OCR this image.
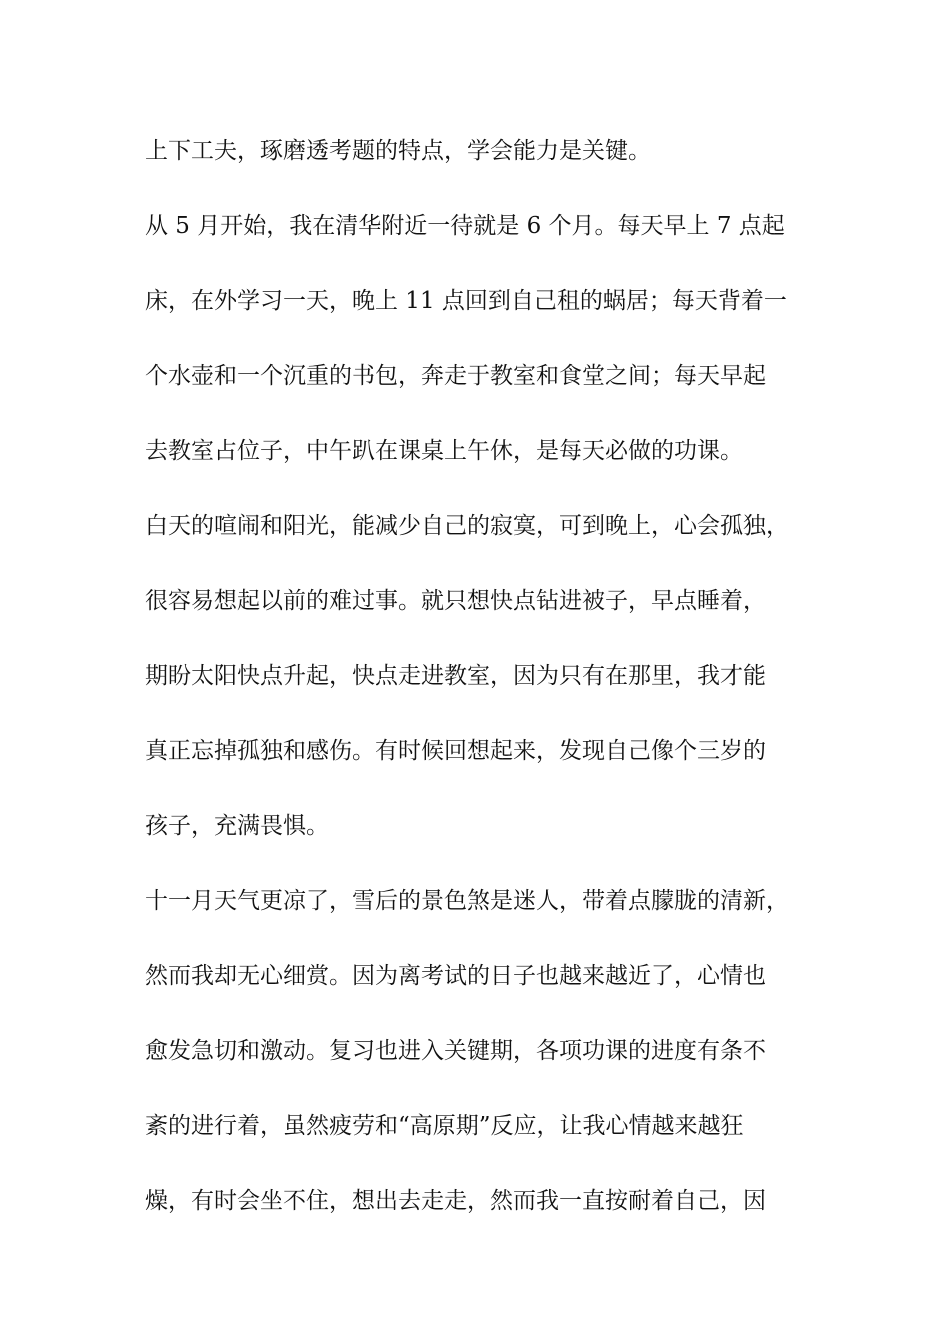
上下工夫，琢磨透考题的特点，学会能力是关键。
从 5 月开始，我在清华附近一待就是 6 个月。每天早上 7 点起
床，在外学习一天，晚上 11 点回到自己租的蜗居；每天背着一
个水壶和一个沉重的书包，奔走于教室和食堂之间；每天早起
去教室占位子，中午趴在课桌上午休，是每天必做的功课。
白天的喧闹和阳光，能减少自己的寂寞，可到晚上，心会孤独，
很容易想起以前的难过事。就只想快点钻进被子，早点睡着，
期盼太阳快点升起，快点走进教室，因为只有在那里，我才能
真正忘掉孤独和感伤。有时候回想起来，发现自己像个三岁的
孩子，充满畏惧。
十一月天气更凉了，雪后的景色煞是迷人，带着点朦胧的清新，
然而我却无心细赏。因为离考试的日子也越来越近了，心情也
愈发急切和激动。复习也进入关键期，各项功课的进度有条不
紊的进行着，虽然疲劳和“高原期”反应，让我心情越来越狂
燥，有时会坐不住，想出去走走，然而我一直按耐着自己，因
